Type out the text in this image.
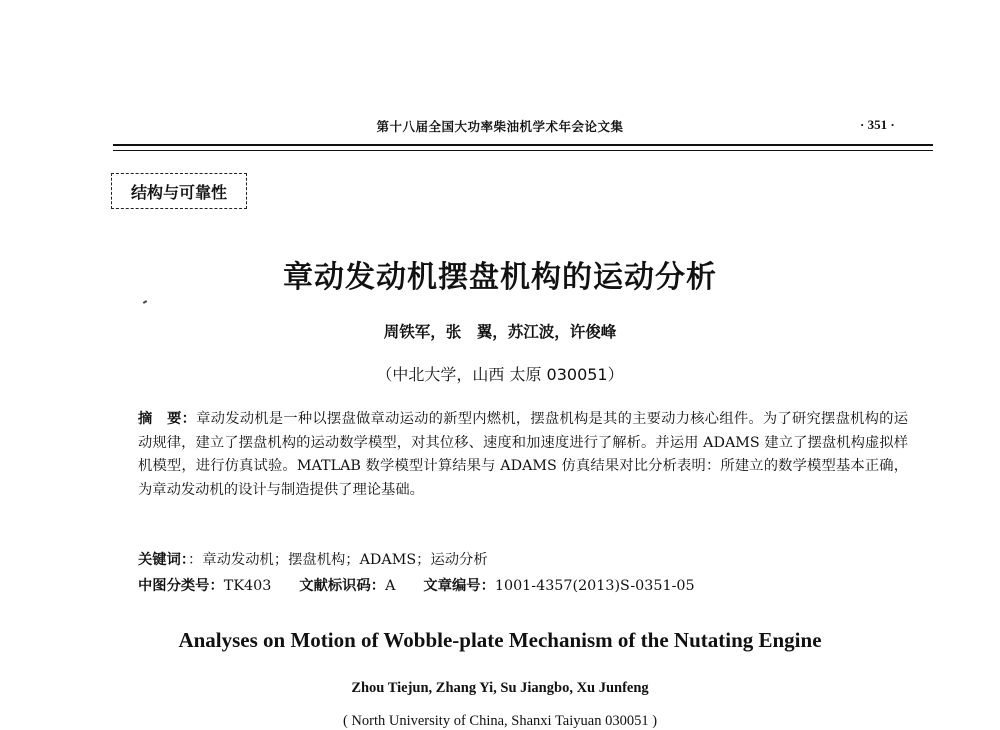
第十八届全国大功率柴油机学术年会论文集	· 351 ·
结构与可靠性
章动发动机摆盘机构的运动分析
周铁军，张　翼，苏江波，许俊峰
（中北大学，山西 太原 030051）
摘　要：章动发动机是一种以摆盘做章动运动的新型内燃机，摆盘机构是其的主要动力核心组件。为了研究摆盘机构的运动规律，建立了摆盘机构的运动数学模型，对其位移、速度和加速度进行了解析。并运用 ADAMS 建立了摆盘机构虚拟样机模型，进行仿真试验。MATLAB 数学模型计算结果与 ADAMS 仿真结果对比分析表明：所建立的数学模型基本正确，为章动发动机的设计与制造提供了理论基础。
关键词：：章动发动机；摆盘机构；ADAMS；运动分析
中图分类号：TK403 文献标识码：A 文章编号：1001-4357(2013)S-0351-05
Analyses on Motion of Wobble-plate Mechanism of the Nutating Engine
Zhou Tiejun, Zhang Yi, Su Jiangbo, Xu Junfeng
( North University of China, Shanxi Taiyuan 030051 )
